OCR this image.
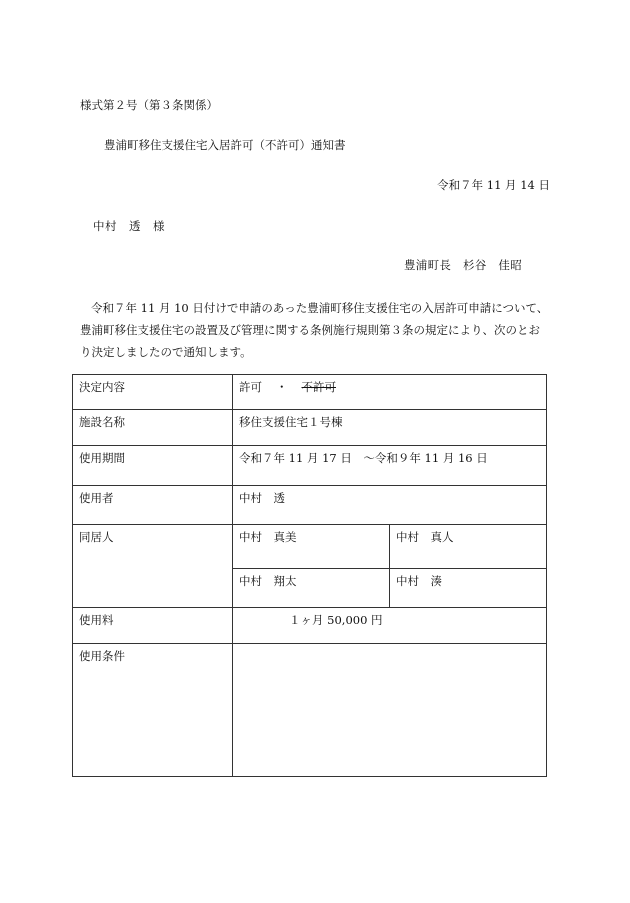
様式第２号（第３条関係）
豊浦町移住支援住宅入居許可（不許可）通知書
令和７年 11 月 14 日
中村　透　様
豊浦町長　杉谷　佳昭
令和７年 11 月 10 日付けで申請のあった豊浦町移住支援住宅の入居許可申請について、
豊浦町移住支援住宅の設置及び管理に関する条例施行規則第３条の規定により、次のとお
り決定しましたので通知します。
決定内容	許可 ・ 不許可	
施設名称	移住支援住宅１号棟	
使用期間	令和７年 11 月 17 日　～令和９年 11 月 16 日	
使用者	中村　透	
同居人	中村　真美	中村　真人
	中村　翔太	中村　湊
使用料	１ヶ月 50,000 円	
使用条件		
